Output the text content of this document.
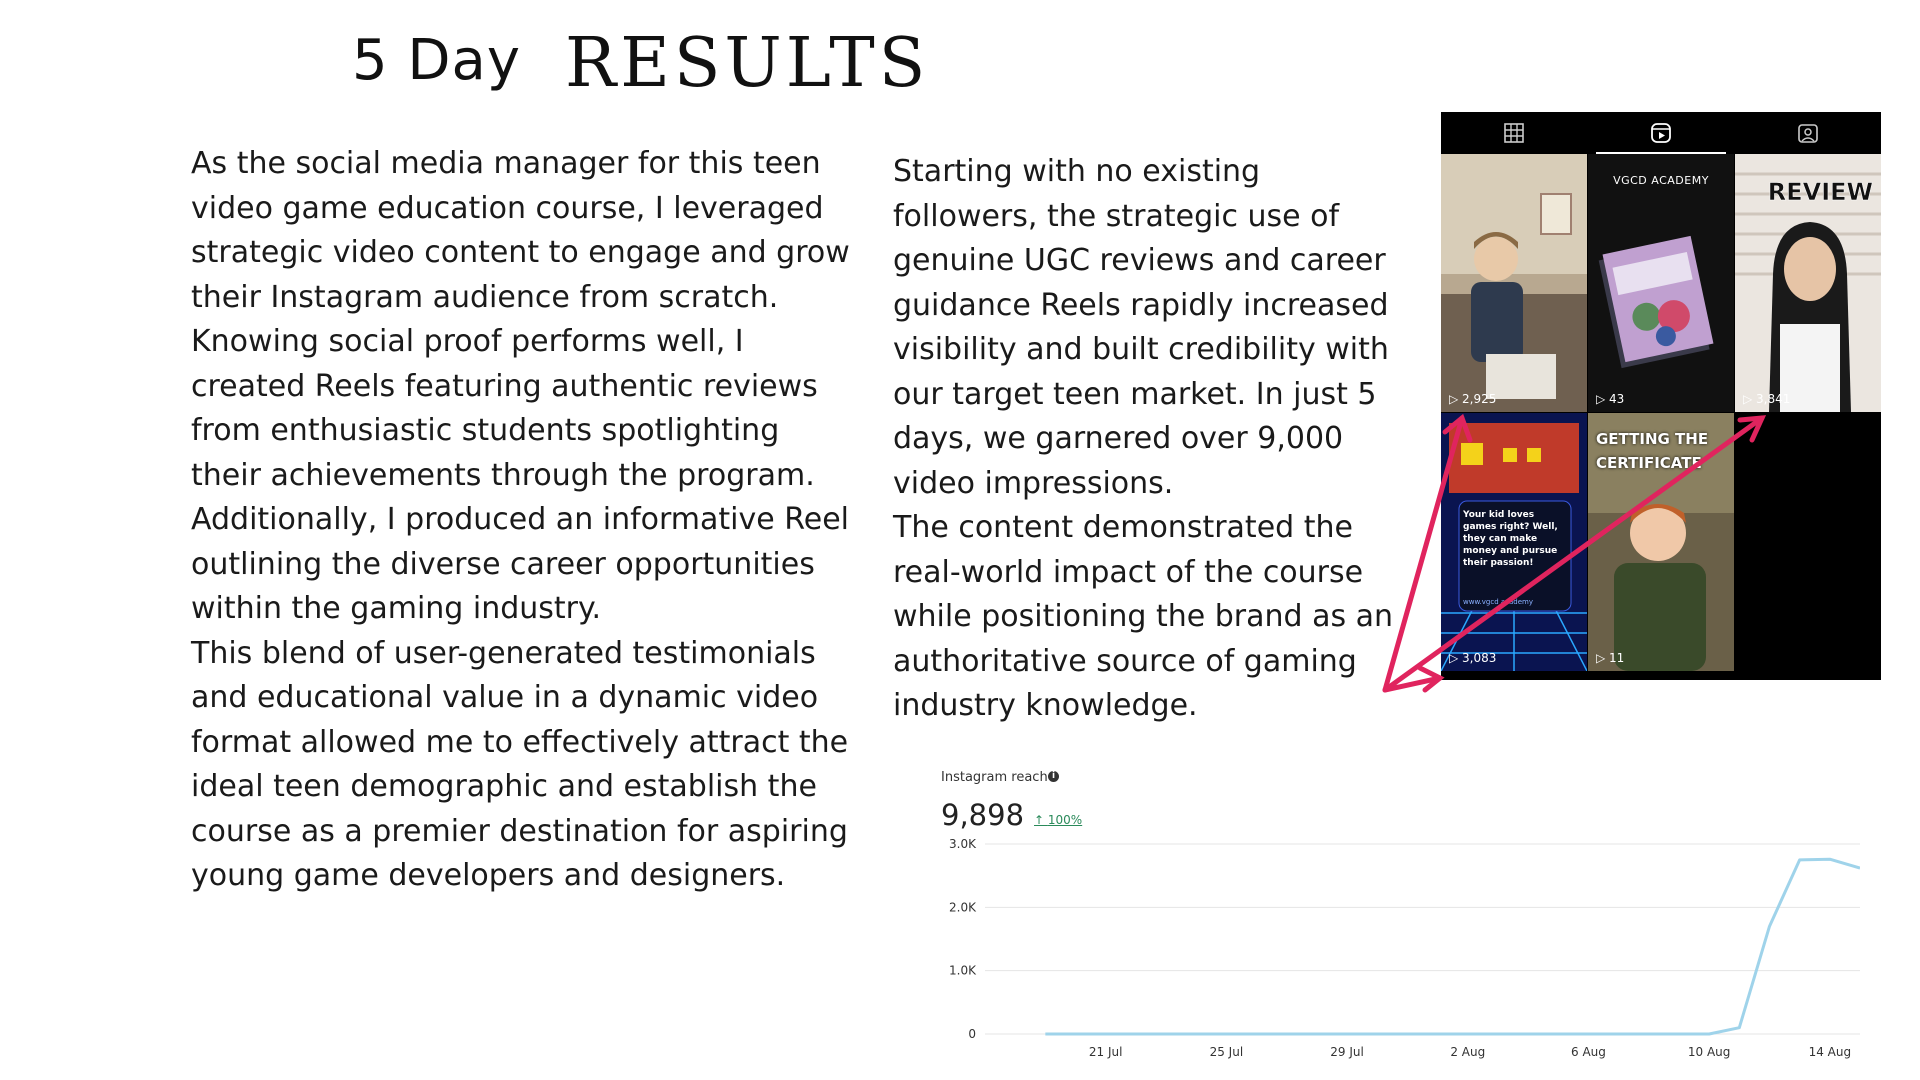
5 Day RESULTS

As the social media manager for this teen
video game education course, I leveraged
strategic video content to engage and grow
their Instagram audience from scratch.
Knowing social proof performs well, I
created Reels featuring authentic reviews
from enthusiastic students spotlighting
their achievements through the program.
Additionally, I produced an informative Reel
outlining the diverse career opportunities
within the gaming industry.
This blend of user-generated testimonials
and educational value in a dynamic video
format allowed me to effectively attract the
ideal teen demographic and establish the
course as a premier destination for aspiring
young game developers and designers.

Starting with no existing
followers, the strategic use of
genuine UGC reviews and career
guidance Reels rapidly increased
visibility and built credibility with
our target teen market. In just 5
days, we garnered over 9,000
video impressions.
The content demonstrated the
real-world impact of the course
while positioning the brand as an
authoritative source of gaming
industry knowledge.

▷ 2,925
VGCD ACADEMY
▷ 43
REVIEW
▷ 3,841
Your kid loves games right? Well, they can make money and pursue their passion!
www.vgcd academy
▷ 3,083
GETTING THE CERTIFICATE
▷ 11
Instagram reach i
9,898 ↑ 100%
3.0K
2.0K
1.0K
0
21 Jul	25 Jul	29 Jul	2 Aug	6 Aug	10 Aug	14 Aug
